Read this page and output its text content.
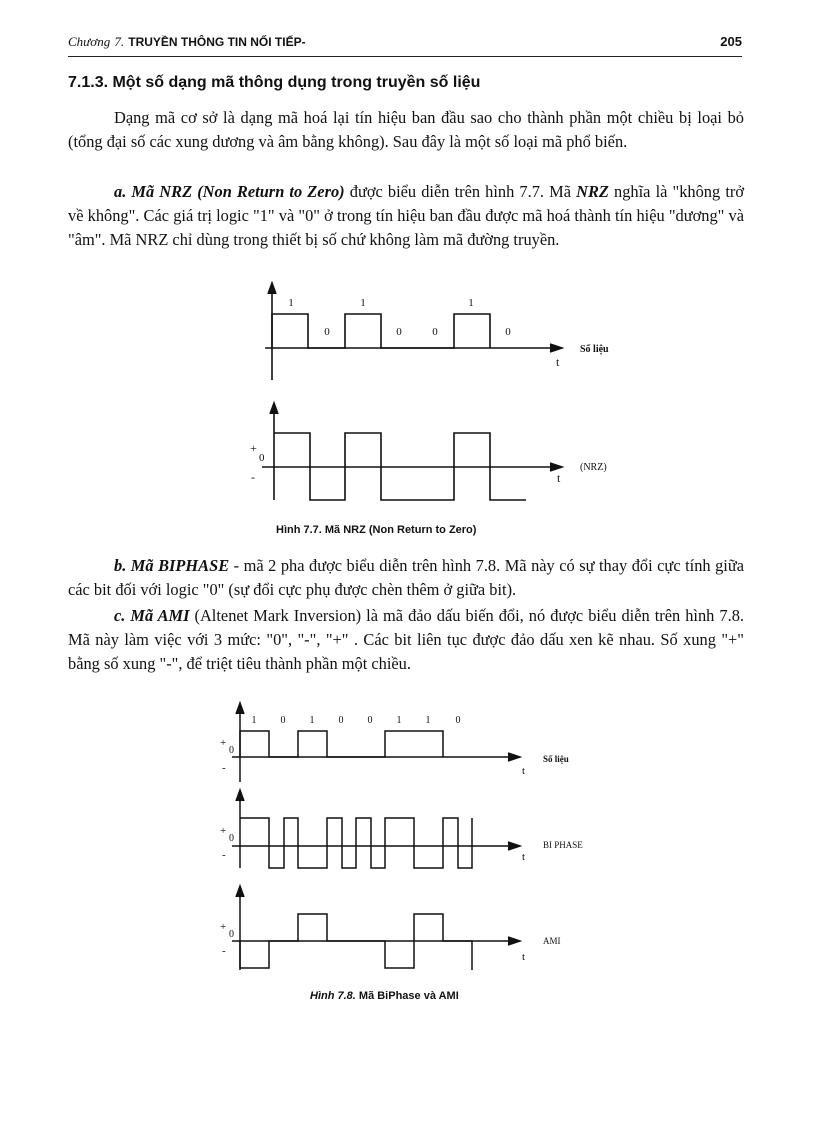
Chương 7. TRUYỀN THÔNG TIN NỐI TIẾP-	205
7.1.3. Một số dạng mã thông dụng trong truyền số liệu

Dạng mã cơ sở là dạng mã hoá lại tín hiệu ban đầu sao cho thành phần một chiều bị loại bỏ (tổng đại số các xung dương và âm bằng không). Sau đây là một số loại mã phổ biến.

a. Mã NRZ (Non Return to Zero) được biểu diễn trên hình 7.7. Mã NRZ nghĩa là "không trở về không". Các giá trị logic "1" và "0" ở trong tín hiệu ban đầu được mã hoá thành tín hiệu "dương" và "âm". Mã NRZ chỉ dùng trong thiết bị số chứ không làm mã đường truyền.

1
0
1
0	0
1
0
Số liệu
t
+
0
-
(NRZ)
t
Hình 7.7. Mã NRZ (Non Return to Zero)

b. Mã BIPHASE - mã 2 pha được biểu diễn trên hình 7.8. Mã này có sự thay đổi cực tính giữa các bit đối với logic "0" (sự đổi cực phụ được chèn thêm ở giữa bit).

c. Mã AMI (Altenet Mark Inversion) là mã đảo dấu biến đổi, nó được biểu diễn trên hình 7.8. Mã này làm việc với 3 mức: "0", "-", "+" . Các bit liên tục được đảo dấu xen kẽ nhau. Số xung "+" bằng số xung "-", để triệt tiêu thành phần một chiều.

1 0 1 0 0 1 1	0
+
0
-
Số liệu
t
+
0
-
BI PHASE
t
+
0
-
AMI
t
Hình 7.8. Mã BiPhase và AMI
